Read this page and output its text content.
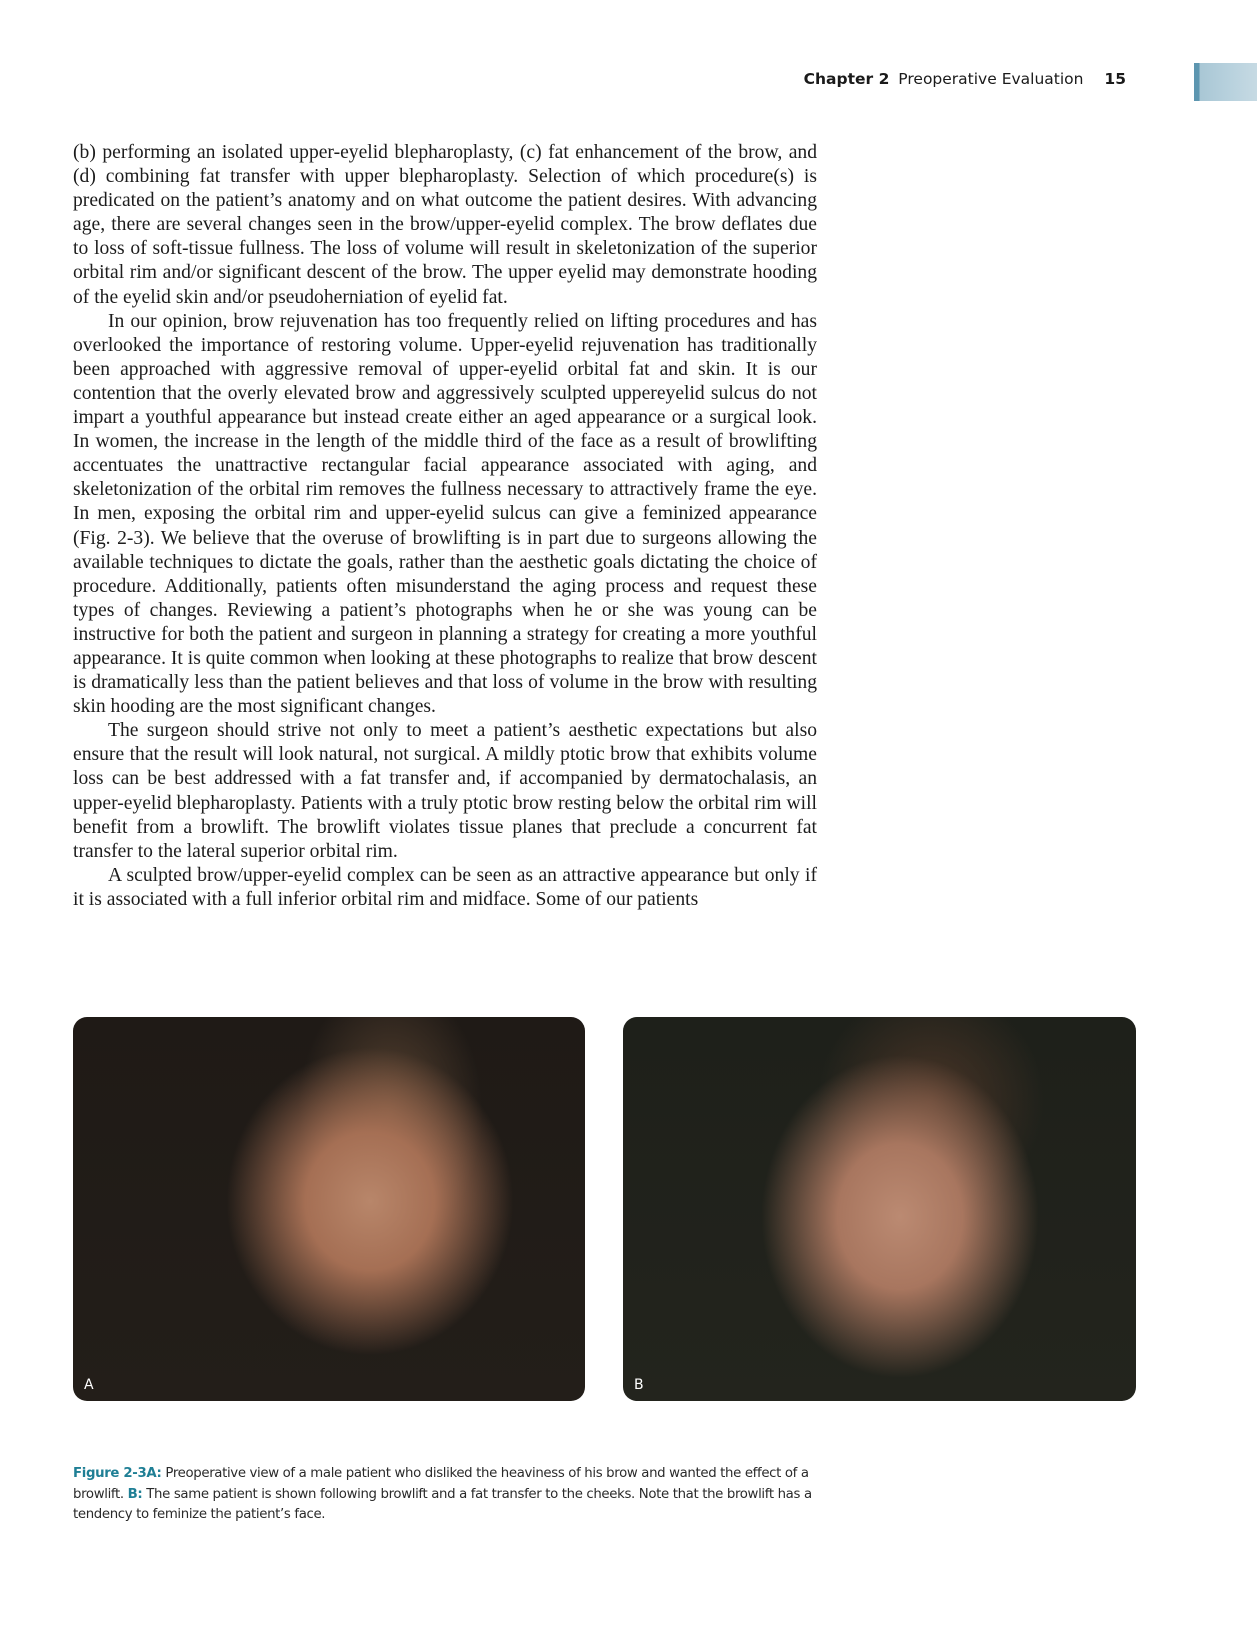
Chapter 2 Preoperative Evaluation 15

(b) performing an isolated upper-eyelid blepharoplasty, (c) fat enhancement of the brow, and (d) combining fat transfer with upper blepharoplasty. Selection of which procedure(s) is predicated on the patient’s anatomy and on what outcome the patient desires. With advancing age, there are several changes seen in the brow/upper-eyelid complex. The brow deflates due to loss of soft-tissue fullness. The loss of volume will result in skeletonization of the superior orbital rim and/or significant descent of the brow. The upper eyelid may demonstrate hooding of the eyelid skin and/or pseudoherniation of eyelid fat.

In our opinion, brow rejuvenation has too frequently relied on lifting procedures and has overlooked the importance of restoring volume. Upper-eyelid rejuvenation has traditionally been approached with aggressive removal of upper-eyelid orbital fat and skin. It is our contention that the overly elevated brow and aggressively sculpted uppereyelid sulcus do not impart a youthful appearance but instead create either an aged appearance or a surgical look. In women, the increase in the length of the middle third of the face as a result of browlifting accentuates the unattractive rectangular facial appearance associated with aging, and skeletonization of the orbital rim removes the fullness necessary to attractively frame the eye. In men, exposing the orbital rim and upper-eyelid sulcus can give a feminized appearance (Fig. 2-3). We believe that the overuse of browlifting is in part due to surgeons allowing the available techniques to dictate the goals, rather than the aesthetic goals dictating the choice of procedure. Additionally, patients often misunderstand the aging process and request these types of changes. Reviewing a patient’s photographs when he or she was young can be instructive for both the patient and surgeon in planning a strategy for creating a more youthful appearance. It is quite common when looking at these photographs to realize that brow descent is dramatically less than the patient believes and that loss of volume in the brow with resulting skin hooding are the most significant changes.

The surgeon should strive not only to meet a patient’s aesthetic expectations but also ensure that the result will look natural, not surgical. A mildly ptotic brow that exhibits volume loss can be best addressed with a fat transfer and, if accompanied by dermatochalasis, an upper-eyelid blepharoplasty. Patients with a truly ptotic brow resting below the orbital rim will benefit from a browlift. The browlift violates tissue planes that preclude a concurrent fat transfer to the lateral superior orbital rim.

A sculpted brow/upper-eyelid complex can be seen as an attractive appearance but only if it is associated with a full inferior orbital rim and midface. Some of our patients

A	B
Figure 2-3A: Preoperative view of a male patient who disliked the heaviness of his brow and wanted the effect of a browlift. B: The same patient is shown following browlift and a fat transfer to the cheeks. Note that the browlift has a tendency to feminize the patient’s face.
